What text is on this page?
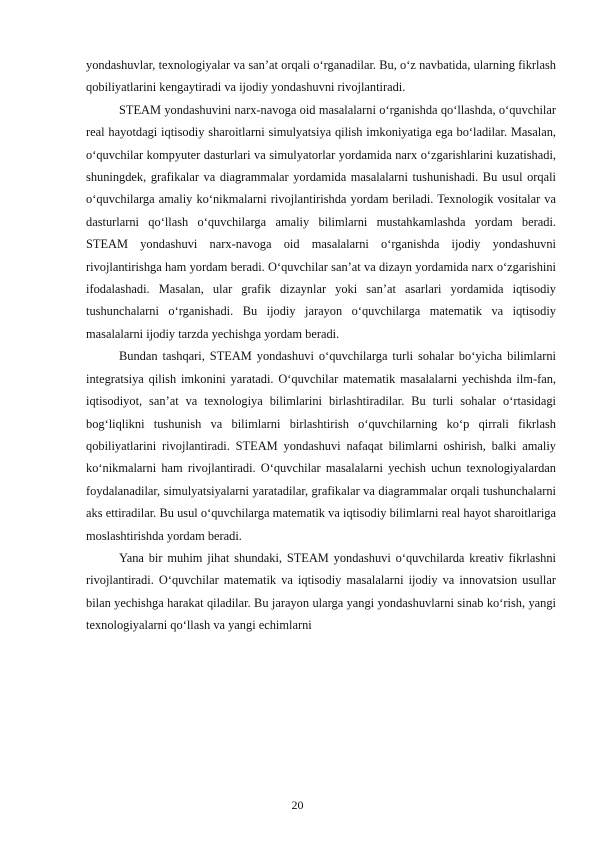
yondashuvlar, texnologiyalar va san’at orqali o‘rganadilar. Bu, o‘z navbatida, ularning fikrlash qobiliyatlarini kengaytiradi va ijodiy yondashuvni rivojlantiradi.

STEAM yondashuvini narx-navoga oid masalalarni o‘rganishda qo‘llashda, o‘quvchilar real hayotdagi iqtisodiy sharoitlarni simulyatsiya qilish imkoniyatiga ega bo‘ladilar. Masalan, o‘quvchilar kompyuter dasturlari va simulyatorlar yordamida narx o‘zgarishlarini kuzatishadi, shuningdek, grafikalar va diagrammalar yordamida masalalarni tushunishadi. Bu usul orqali o‘quvchilarga amaliy ko‘nikmalarni rivojlantirishda yordam beriladi. Texnologik vositalar va dasturlarni qo‘llash o‘quvchilarga amaliy bilimlarni mustahkamlashda yordam beradi. STEAM yondashuvi narx-navoga oid masalalarni o‘rganishda ijodiy yondashuvni rivojlantirishga ham yordam beradi. O‘quvchilar san’at va dizayn yordamida narx o‘zgarishini ifodalashadi. Masalan, ular grafik dizaynlar yoki san’at asarlari yordamida iqtisodiy tushunchalarni o‘rganishadi. Bu ijodiy jarayon o‘quvchilarga matematik va iqtisodiy masalalarni ijodiy tarzda yechishga yordam beradi.

Bundan tashqari, STEAM yondashuvi o‘quvchilarga turli sohalar bo‘yicha bilimlarni integratsiya qilish imkonini yaratadi. O‘quvchilar matematik masalalarni yechishda ilm-fan, iqtisodiyot, san’at va texnologiya bilimlarini birlashtiradilar. Bu turli sohalar o‘rtasidagi bog‘liqlikni tushunish va bilimlarni birlashtirish o‘quvchilarning ko‘p qirrali fikrlash qobiliyatlarini rivojlantiradi. STEAM yondashuvi nafaqat bilimlarni oshirish, balki amaliy ko‘nikmalarni ham rivojlantiradi. O‘quvchilar masalalarni yechish uchun texnologiyalardan foydalanadilar, simulyatsiyalarni yaratadilar, grafikalar va diagrammalar orqali tushunchalarni aks ettiradilar. Bu usul o‘quvchilarga matematik va iqtisodiy bilimlarni real hayot sharoitlariga moslashtirishda yordam beradi.

Yana bir muhim jihat shundaki, STEAM yondashuvi o‘quvchilarda kreativ fikrlashni rivojlantiradi. O‘quvchilar matematik va iqtisodiy masalalarni ijodiy va innovatsion usullar bilan yechishga harakat qiladilar. Bu jarayon ularga yangi yondashuvlarni sinab ko‘rish, yangi texnologiyalarni qo‘llash va yangi echimlarni

20
